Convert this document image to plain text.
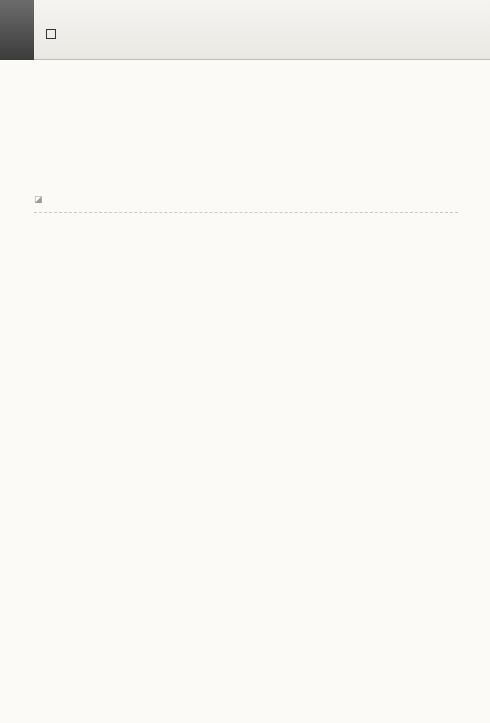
◪
